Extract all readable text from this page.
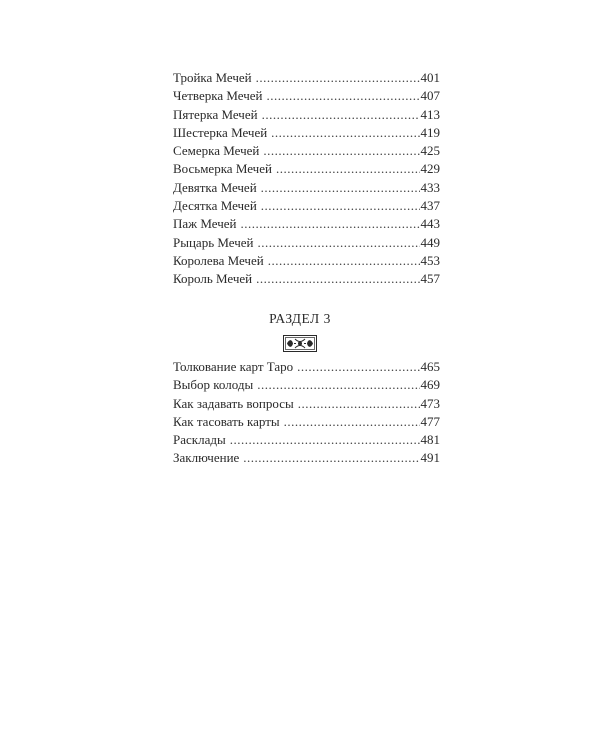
Тройка Мечей .....	401
Четверка Мечей .....	407
Пятерка Мечей .....	413
Шестерка Мечей .....	419
Семерка Мечей .....	425
Восьмерка Мечей .....	429
Девятка Мечей .....	433
Десятка Мечей .....	437
Паж Мечей .....	443
Рыцарь Мечей .....	449
Королева Мечей .....	453
Король Мечей .....	457
РАЗДЕЛ 3
Толкование карт Таро .....	465
Выбор колоды .....	469
Как задавать вопросы .....	473
Как тасовать карты .....	477
Расклады .....	481
Заключение .....	491
